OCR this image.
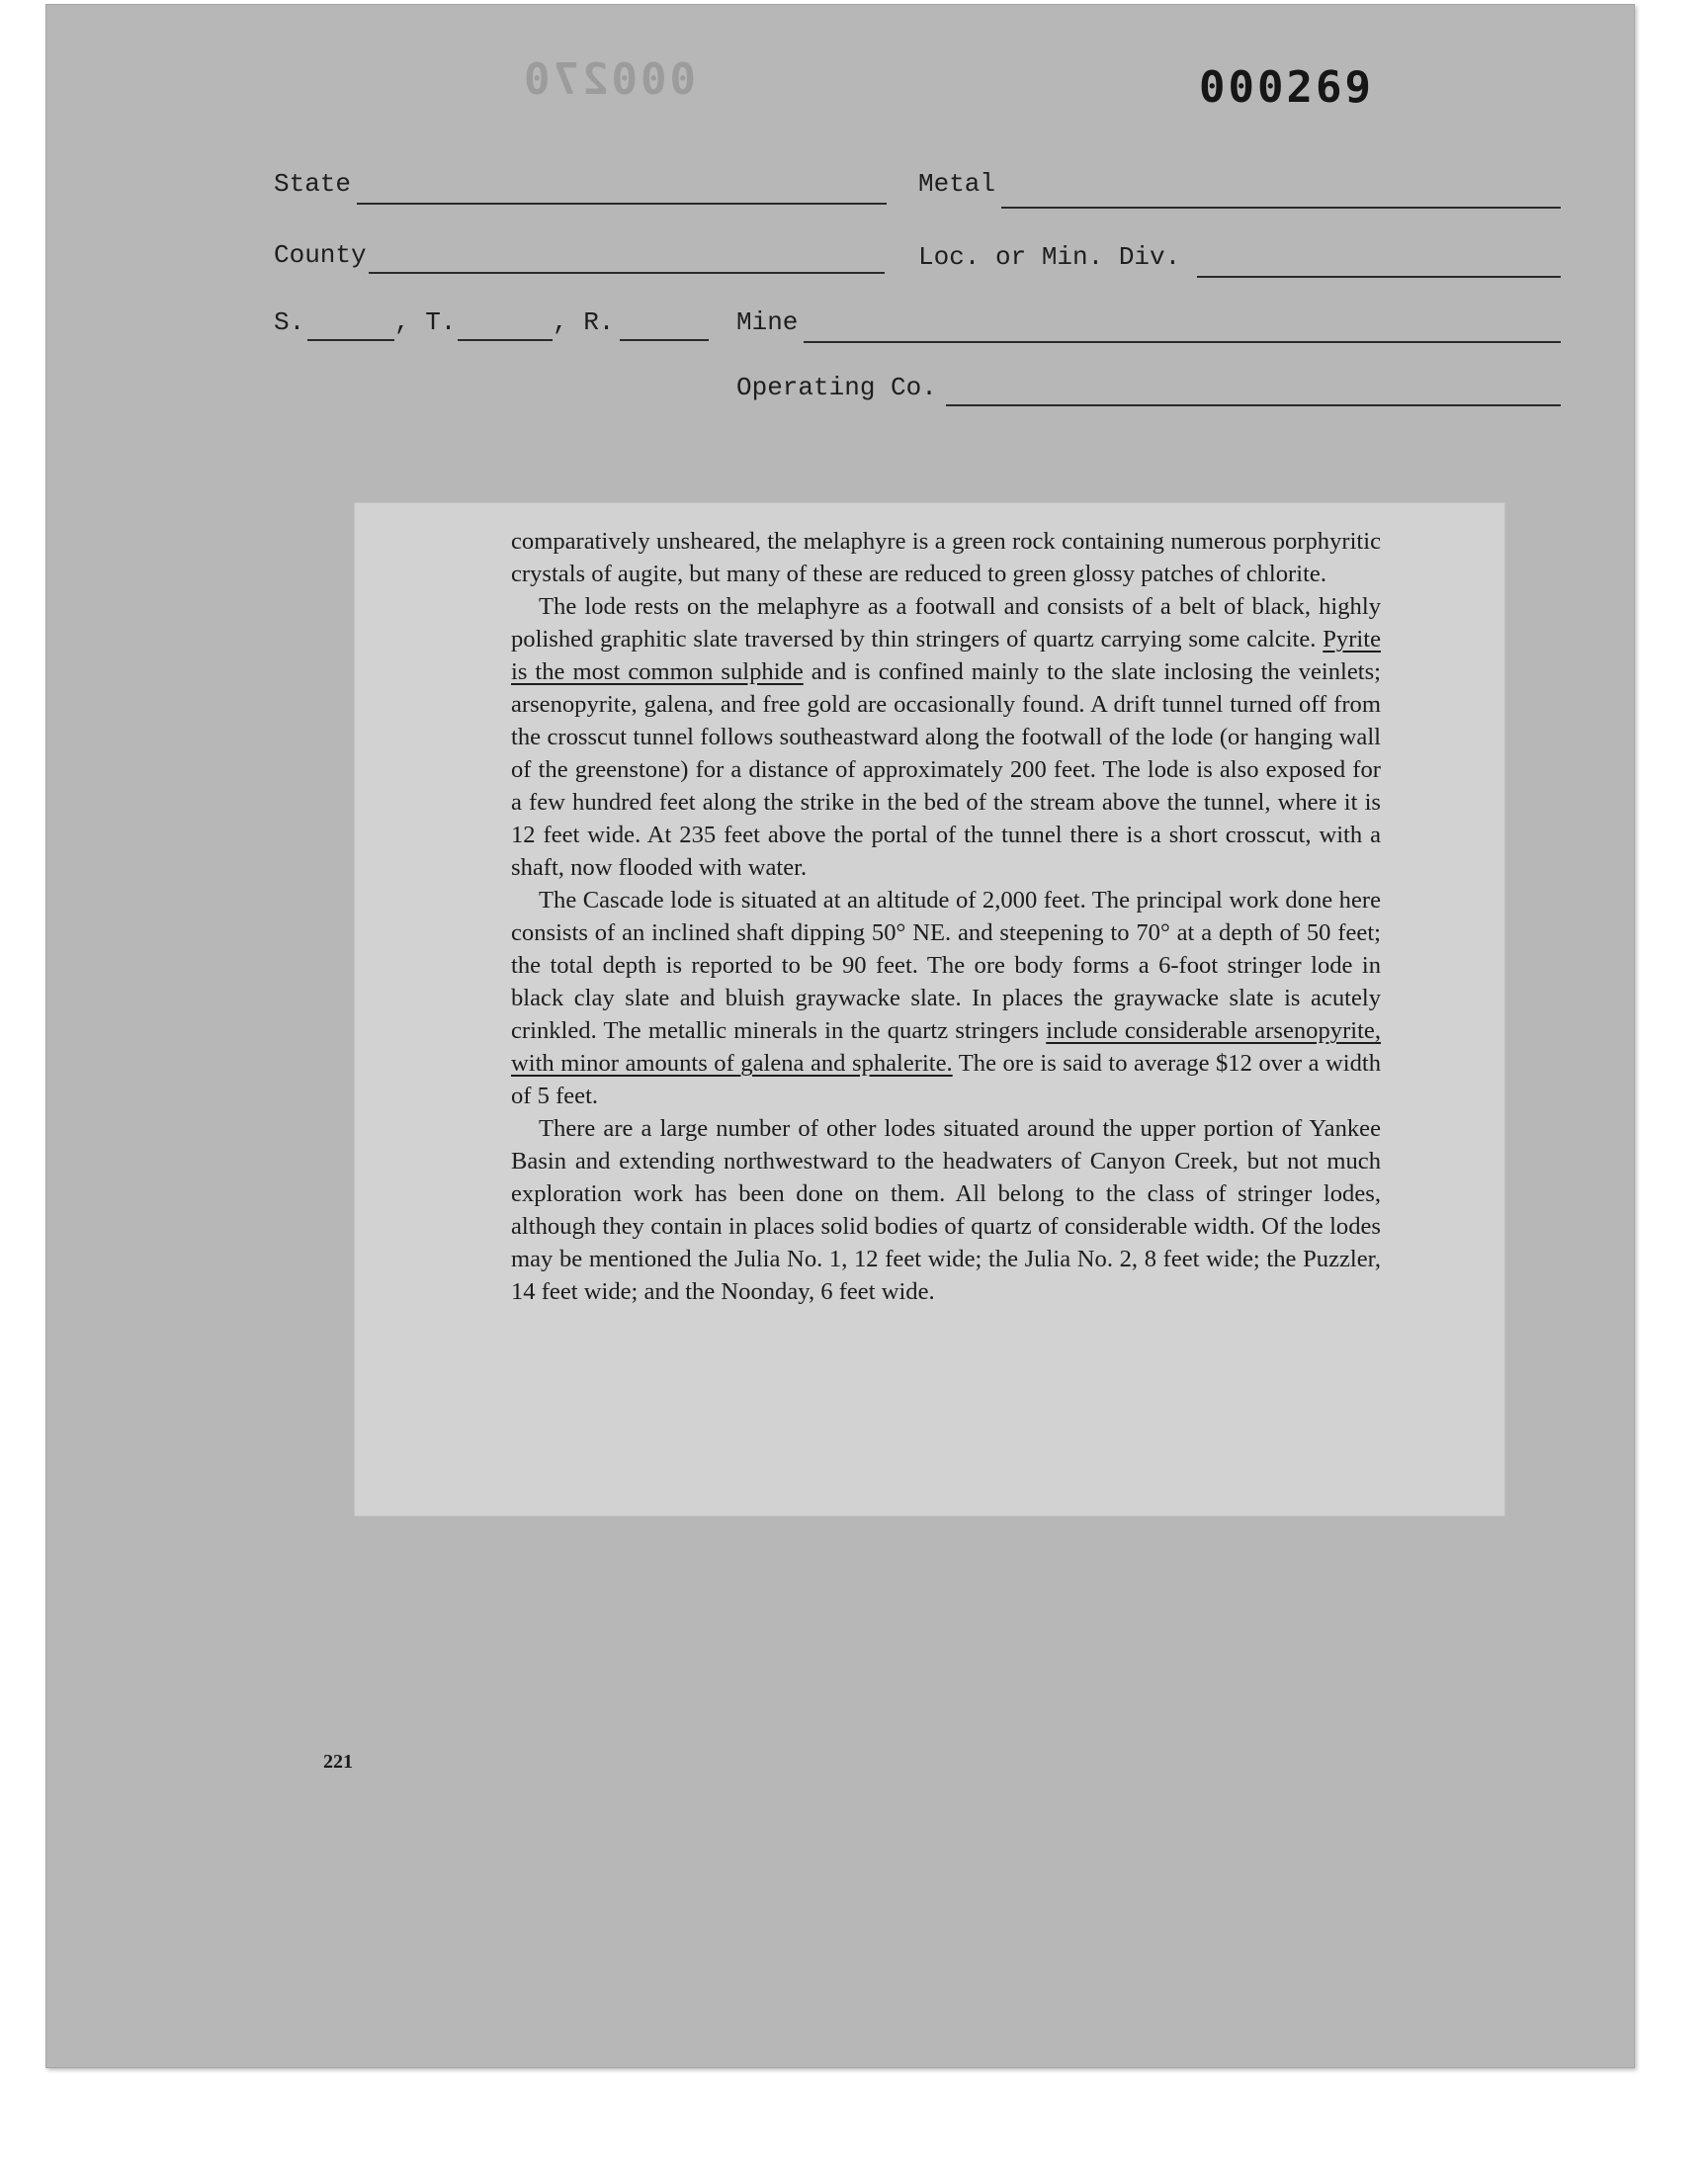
000270	000269
State	Metal
County	Loc. or Min. Div.
S.	, T.	, R.	Mine
Operating Co.

comparatively unsheared, the melaphyre is a green rock containing numerous porphyritic crystals of augite, but many of these are reduced to green glossy patches of chlorite.

The lode rests on the melaphyre as a footwall and consists of a belt of black, highly polished graphitic slate traversed by thin stringers of quartz carrying some calcite. Pyrite is the most common sulphide and is confined mainly to the slate inclosing the veinlets; arsenopyrite, galena, and free gold are occasionally found. A drift tunnel turned off from the crosscut tunnel follows southeastward along the footwall of the lode (or hanging wall of the greenstone) for a distance of approximately 200 feet. The lode is also exposed for a few hundred feet along the strike in the bed of the stream above the tunnel, where it is 12 feet wide. At 235 feet above the portal of the tunnel there is a short crosscut, with a shaft, now flooded with water.

The Cascade lode is situated at an altitude of 2,000 feet. The principal work done here consists of an inclined shaft dipping 50° NE. and steepening to 70° at a depth of 50 feet; the total depth is reported to be 90 feet. The ore body forms a 6-foot stringer lode in black clay slate and bluish graywacke slate. In places the graywacke slate is acutely crinkled. The metallic minerals in the quartz stringers include considerable arsenopyrite, with minor amounts of galena and sphalerite. The ore is said to average $12 over a width of 5 feet.

There are a large number of other lodes situated around the upper portion of Yankee Basin and extending northwestward to the headwaters of Canyon Creek, but not much exploration work has been done on them. All belong to the class of stringer lodes, although they contain in places solid bodies of quartz of considerable width. Of the lodes may be mentioned the Julia No. 1, 12 feet wide; the Julia No. 2, 8 feet wide; the Puzzler, 14 feet wide; and the Noonday, 6 feet wide.

221
